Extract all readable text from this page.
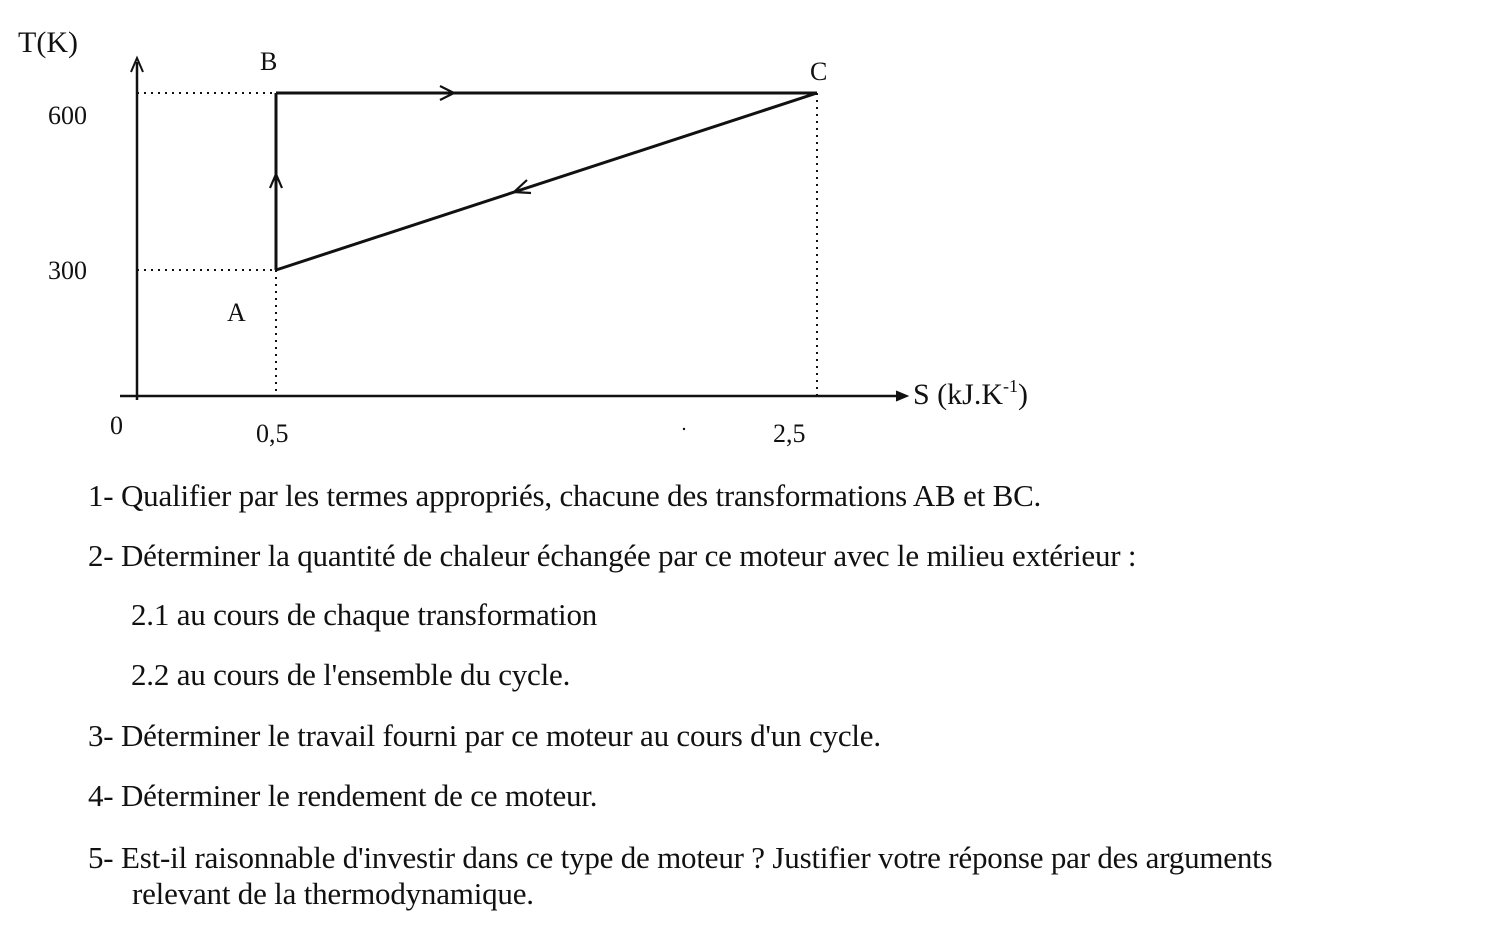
T(K)
600
300
0	0,5	2,5
A
B	C
S $(kJ.K^{-1})$
1- Qualifier par les termes appropriés, chacune des transformations AB et BC.
2- Déterminer la quantité de chaleur échangée par ce moteur avec le milieu extérieur :
2.1 au cours de chaque transformation
2.2 au cours de l'ensemble du cycle.
3- Déterminer le travail fourni par ce moteur au cours d'un cycle.
4- Déterminer le rendement de ce moteur.
5- Est-il raisonnable d'investir dans ce type de moteur ? Justifier votre réponse par des arguments
relevant de la thermodynamique.
